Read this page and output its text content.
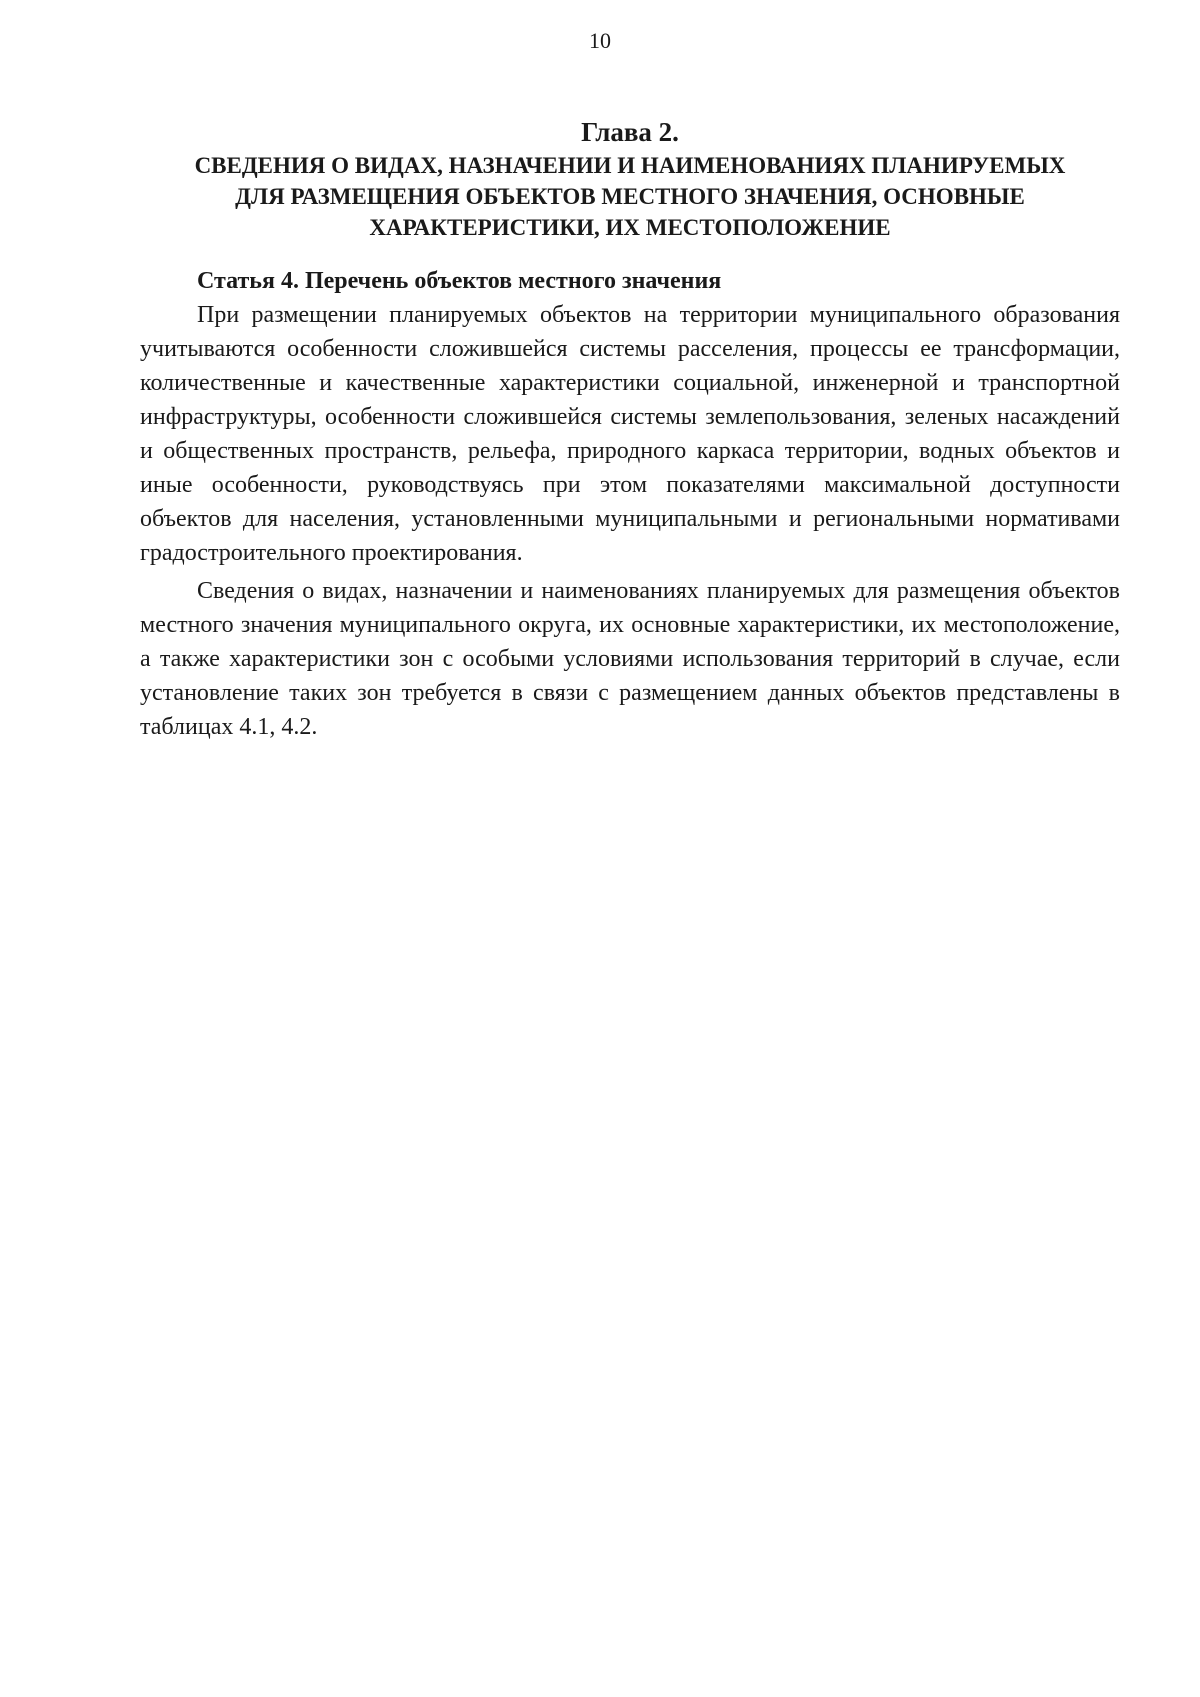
10
Глава 2.
СВЕДЕНИЯ О ВИДАХ, НАЗНАЧЕНИИ И НАИМЕНОВАНИЯХ ПЛАНИРУЕМЫХ
ДЛЯ РАЗМЕЩЕНИЯ ОБЪЕКТОВ МЕСТНОГО ЗНАЧЕНИЯ, ОСНОВНЫЕ
ХАРАКТЕРИСТИКИ, ИХ МЕСТОПОЛОЖЕНИЕ
Статья 4. Перечень объектов местного значения

При размещении планируемых объектов на территории муниципального образования учитываются особенности сложившейся системы расселения, процессы ее трансформации, количественные и качественные характеристики социальной, инженерной и транспортной инфраструктуры, особенности сложившейся системы землепользования, зеленых насаждений и общественных пространств, рельефа, природного каркаса территории, водных объектов и иные особенности, руководствуясь при этом показателями максимальной доступности объектов для населения, установленными муниципальными и региональными нормативами градостроительного проектирования.

Сведения о видах, назначении и наименованиях планируемых для размещения объектов местного значения муниципального округа, их основные характеристики, их местоположение, а также характеристики зон с особыми условиями использования территорий в случае, если установление таких зон требуется в связи с размещением данных объектов представлены в таблицах 4.1, 4.2.
